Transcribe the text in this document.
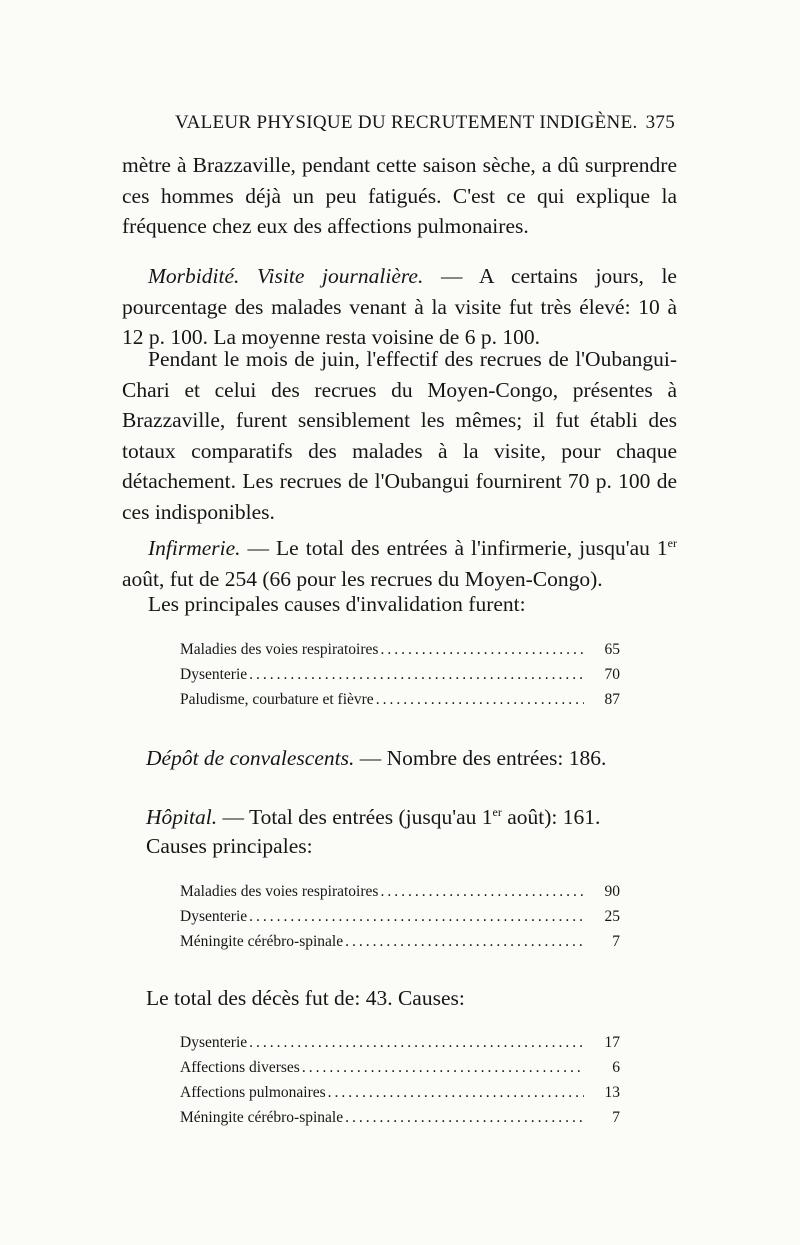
VALEUR PHYSIQUE DU RECRUTEMENT INDIGÈNE. 375

mètre à Brazzaville, pendant cette saison sèche, a dû surprendre ces hommes déjà un peu fatigués. C'est ce qui explique la fréquence chez eux des affections pulmonaires.

Morbidité. Visite journalière. — A certains jours, le pourcentage des malades venant à la visite fut très élevé: 10 à 12 p. 100. La moyenne resta voisine de 6 p. 100.

Pendant le mois de juin, l'effectif des recrues de l'Oubangui-Chari et celui des recrues du Moyen-Congo, présentes à Brazzaville, furent sensiblement les mêmes; il fut établi des totaux comparatifs des malades à la visite, pour chaque détachement. Les recrues de l'Oubangui fournirent 70 p. 100 de ces indisponibles.

Infirmerie. — Le total des entrées à l'infirmerie, jusqu'au 1er août, fut de 254 (66 pour les recrues du Moyen-Congo).

Les principales causes d'invalidation furent:

Maladies des voies respiratoires .....	65
Dysenterie .....	70
Paludisme, courbature et fièvre .....	87
Dépôt de convalescents. — Nombre des entrées: 186.
Hôpital. — Total des entrées (jusqu'au 1er août): 161.
Causes principales:
Maladies des voies respiratoires .....	90
Dysenterie .....	25
Méningite cérébro-spinale .....	7
Le total des décès fut de: 43. Causes:
Dysenterie .....	17
Affections diverses .....	6
Affections pulmonaires .....	13
Méningite cérébro-spinale .....	7
